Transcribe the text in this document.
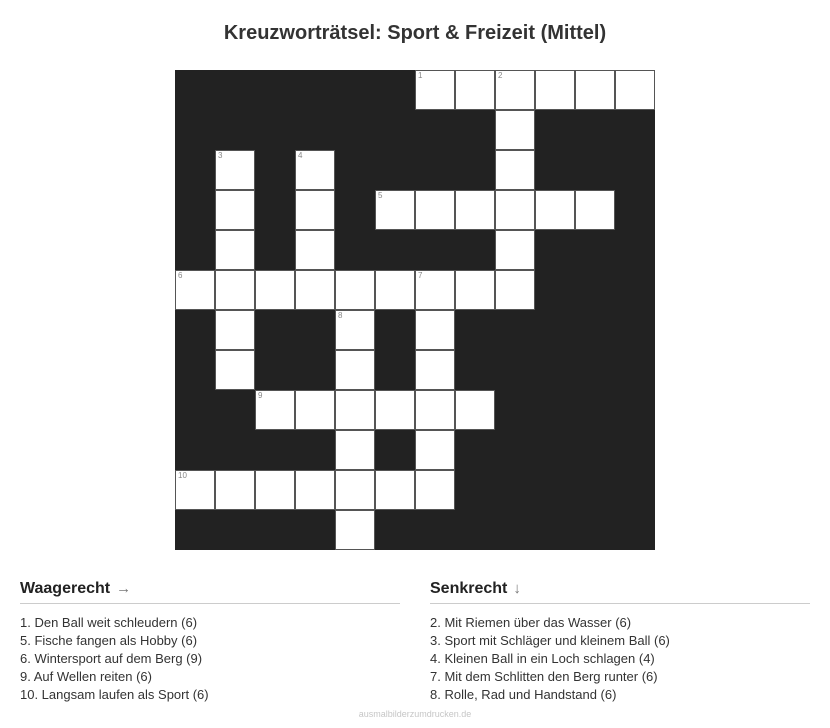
Kreuzworträtsel: Sport & Freizeit (Mittel)
1	2
3	4
5
6	7
8
9
10
Waagerecht →
1. Den Ball weit schleudern (6)
5. Fische fangen als Hobby (6)
6. Wintersport auf dem Berg (9)
9. Auf Wellen reiten (6)
10. Langsam laufen als Sport (6)
Senkrecht ↓
2. Mit Riemen über das Wasser (6)
3. Sport mit Schläger und kleinem Ball (6)
4. Kleinen Ball in ein Loch schlagen (4)
7. Mit dem Schlitten den Berg runter (6)
8. Rolle, Rad und Handstand (6)
ausmalbilderzumdrucken.de
